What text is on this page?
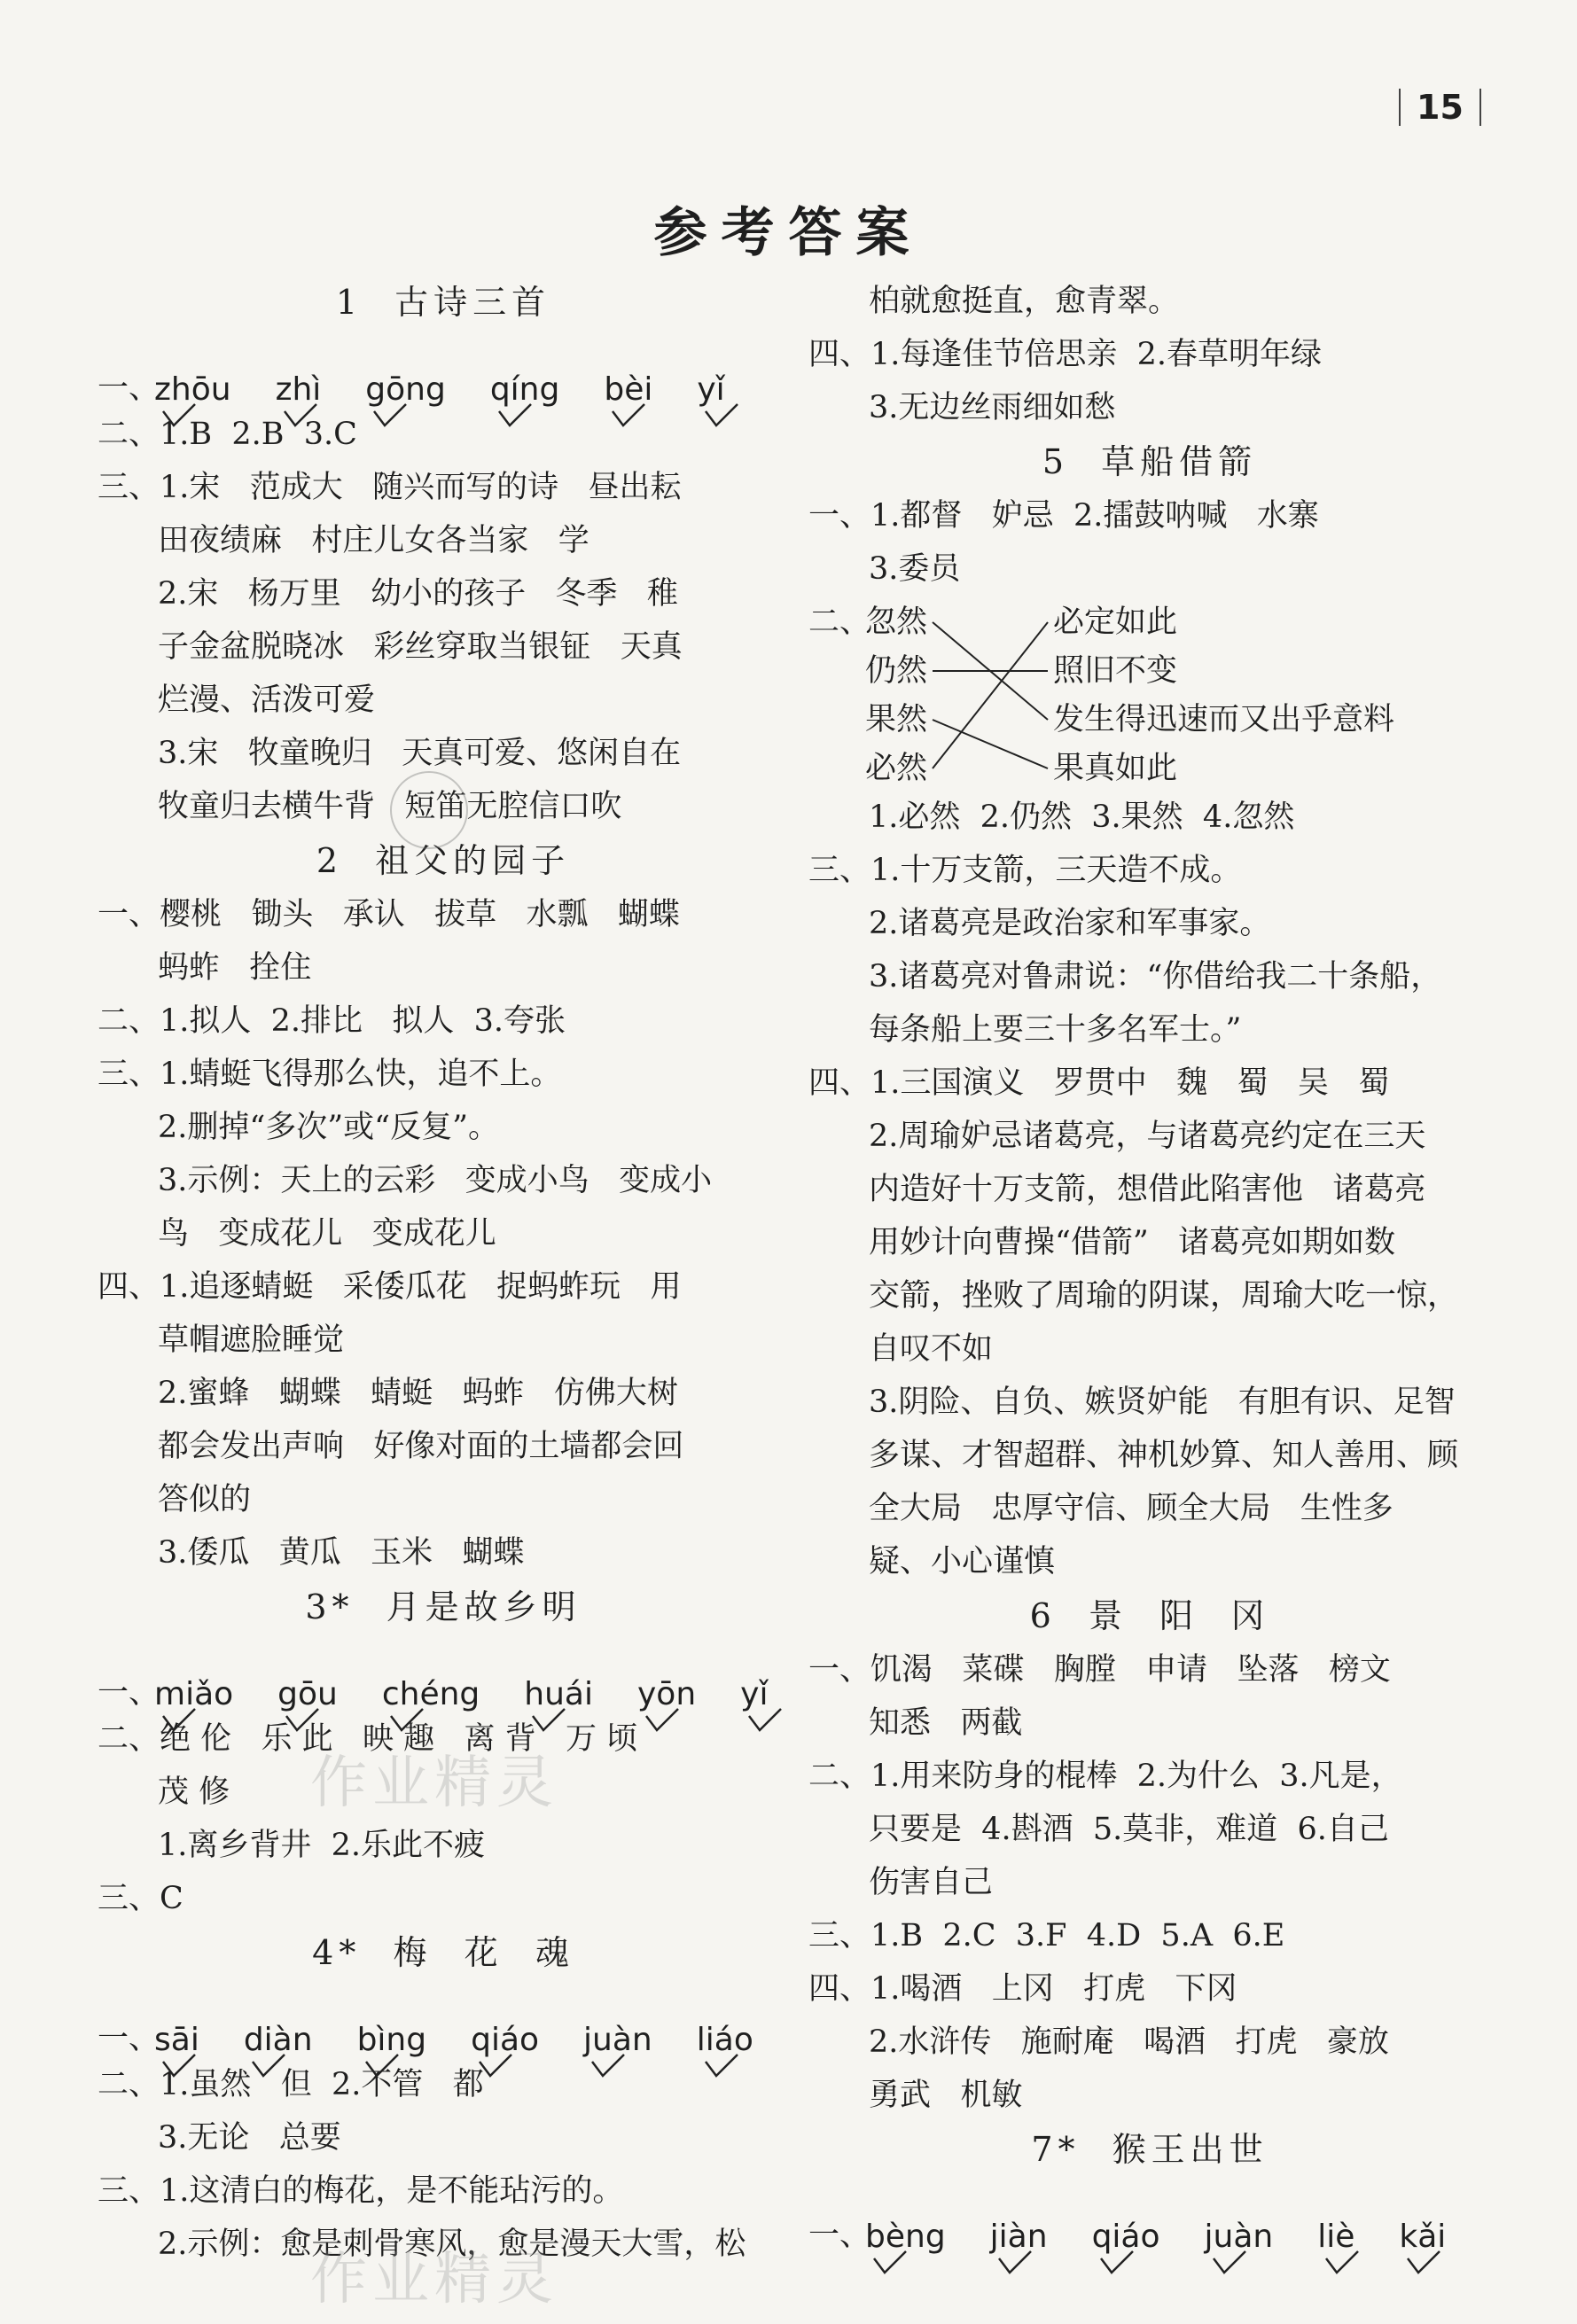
15
参考答案
1  古诗三首
一、
zhōu zhì gōng qíng bèi yǐ
二、1.B  2.B  3.C
三、1.宋   范成大   随兴而写的诗   昼出耘
田夜绩麻   村庄儿女各当家   学
2.宋   杨万里   幼小的孩子   冬季   稚
子金盆脱晓冰   彩丝穿取当银钲   天真
烂漫、活泼可爱
3.宋   牧童晚归   天真可爱、悠闲自在
牧童归去横牛背   短笛无腔信口吹
2  祖父的园子
一、樱桃   锄头   承认   拔草   水瓢   蝴蝶
蚂蚱   拴住
二、1.拟人  2.排比   拟人  3.夸张
三、1.蜻蜓飞得那么快，追不上。
2.删掉“多次”或“反复”。
3.示例：天上的云彩   变成小鸟   变成小
鸟   变成花儿   变成花儿
四、1.追逐蜻蜓   采倭瓜花   捉蚂蚱玩   用
草帽遮脸睡觉
2.蜜蜂   蝴蝶   蜻蜓   蚂蚱   仿佛大树
都会发出声响   好像对面的土墙都会回
答似的
3.倭瓜   黄瓜   玉米   蝴蝶
3*  月是故乡明
一、
miǎo gōu chéng huái yōn yǐ
二、绝 伦   乐 此   映 趣   离 背   万 顷
茂 修
1.离乡背井  2.乐此不疲
三、C
4*  梅  花  魂
一、
sāi diàn bìng qiáo juàn liáo
二、1.虽然   但  2.不管   都
3.无论   总要
三、1.这清白的梅花，是不能玷污的。
2.示例：愈是刺骨寒风，愈是漫天大雪，松
柏就愈挺直，愈青翠。
四、1.每逢佳节倍思亲  2.春草明年绿
3.无边丝雨细如愁
5  草船借箭
一、1.都督   妒忌  2.擂鼓呐喊   水寨
3.委员
二、
忽然
仍然
果然
必然
必定如此
照旧不变
发生得迅速而又出乎意料
果真如此
1.必然  2.仍然  3.果然  4.忽然
三、1.十万支箭，三天造不成。
2.诸葛亮是政治家和军事家。
3.诸葛亮对鲁肃说：“你借给我二十条船，
每条船上要三十多名军士。”
四、1.三国演义   罗贯中   魏   蜀   吴   蜀
2.周瑜妒忌诸葛亮，与诸葛亮约定在三天
内造好十万支箭，想借此陷害他   诸葛亮
用妙计向曹操“借箭”   诸葛亮如期如数
交箭，挫败了周瑜的阴谋，周瑜大吃一惊，
自叹不如
3.阴险、自负、嫉贤妒能   有胆有识、足智
多谋、才智超群、神机妙算、知人善用、顾
全大局   忠厚守信、顾全大局   生性多
疑、小心谨慎
6  景  阳  冈
一、饥渴   菜碟   胸膛   申请   坠落   榜文
知悉   两截
二、1.用来防身的棍棒  2.为什么  3.凡是，
只要是  4.斟酒  5.莫非，难道  6.自己
伤害自己
三、1.B  2.C  3.F  4.D  5.A  6.E
四、1.喝酒   上冈   打虎   下冈
2.水浒传   施耐庵   喝酒   打虎   豪放
勇武   机敏
7*  猴王出世
一、
bèng jiàn qiáo juàn liè kǎi
作业精灵
作业精灵
